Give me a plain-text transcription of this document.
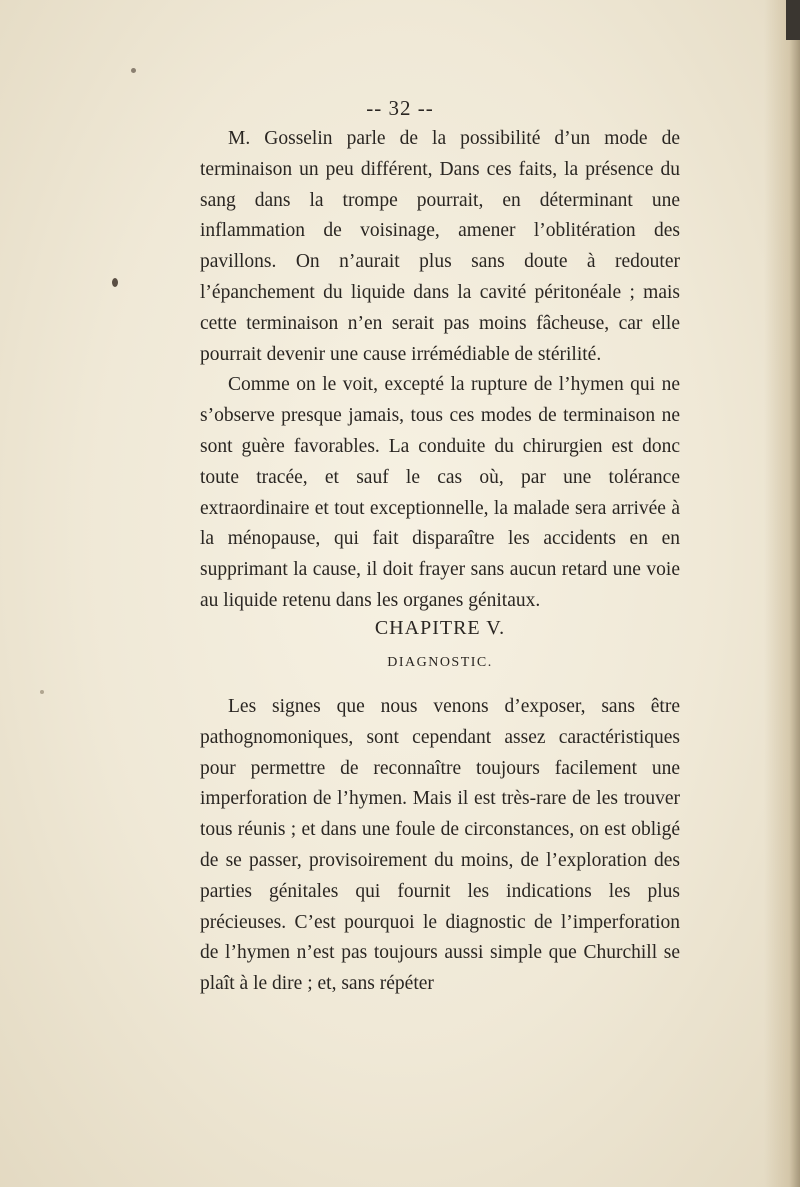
-- 32 --

M. Gosselin parle de la possibilité d’un mode de terminaison un peu différent, Dans ces faits, la présence du sang dans la trompe pourrait, en déterminant une inflammation de voisinage, amener l’oblitération des pavillons. On n’aurait plus sans doute à redouter l’épanchement du liquide dans la cavité péritonéale ; mais cette terminaison n’en serait pas moins fâcheuse, car elle pourrait devenir une cause irrémédiable de stérilité.

Comme on le voit, excepté la rupture de l’hymen qui ne s’observe presque jamais, tous ces modes de terminaison ne sont guère favorables. La conduite du chirurgien est donc toute tracée, et sauf le cas où, par une tolérance extraordinaire et tout exceptionnelle, la malade sera arrivée à la ménopause, qui fait disparaître les accidents en en supprimant la cause, il doit frayer sans aucun retard une voie au liquide retenu dans les organes génitaux.

CHAPITRE V.
DIAGNOSTIC.

Les signes que nous venons d’exposer, sans être pathognomoniques, sont cependant assez caractéristiques pour permettre de reconnaître toujours facilement une imperforation de l’hymen. Mais il est très-rare de les trouver tous réunis ; et dans une foule de circonstances, on est obligé de se passer, provisoirement du moins, de l’exploration des parties génitales qui fournit les indications les plus précieuses. C’est pourquoi le diagnostic de l’imperforation de l’hymen n’est pas toujours aussi simple que Churchill se plaît à le dire ; et, sans répéter
